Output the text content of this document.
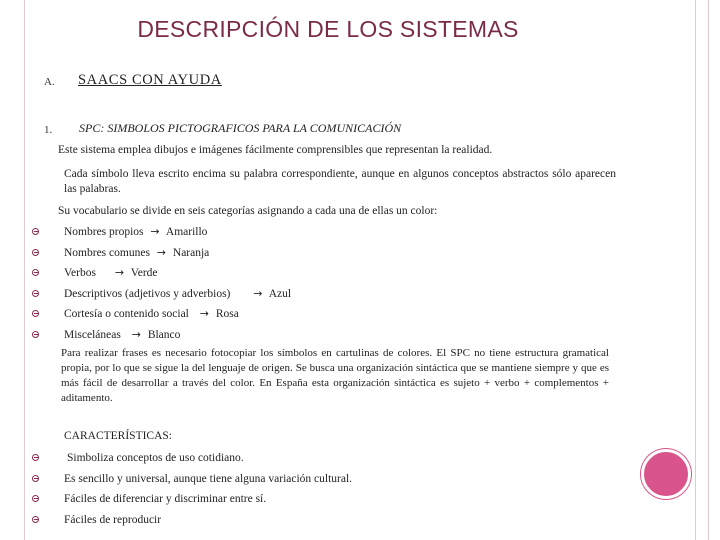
DESCRIPCIÓN DE LOS SISTEMAS
A. SAACS CON AYUDA
1. SPC: SIMBOLOS PICTOGRAFICOS PARA LA COMUNICACIÓN
Este sistema emplea dibujos e imágenes fácilmente comprensibles que representan la realidad.
Cada símbolo lleva escrito encima su palabra correspondiente, aunque en algunos conceptos abstractos sólo aparecen las palabras.
Su vocabulario se divide en seis categorías asignando a cada una de ellas un color:
Nombres propios → Amarillo
Nombres comunes → Naranja
Verbos → Verde
Descriptivos (adjetivos y adverbios) → Azul
Cortesía o contenido social → Rosa
Misceláneas → Blanco
Para realizar frases es necesario fotocopiar los símbolos en cartulinas de colores. El SPC no tiene estructura gramatical propia, por lo que se sigue la del lenguaje de origen. Se busca una organización sintáctica que se mantiene siempre y que es más fácil de desarrollar a través del color. En España esta organización sintáctica es sujeto + verbo + complementos + aditamento.
CARACTERÍSTICAS:
Simboliza conceptos de uso cotidiano.
Es sencillo y universal, aunque tiene alguna variación cultural.
Fáciles de diferenciar y discriminar entre sí.
Fáciles de reproducir
